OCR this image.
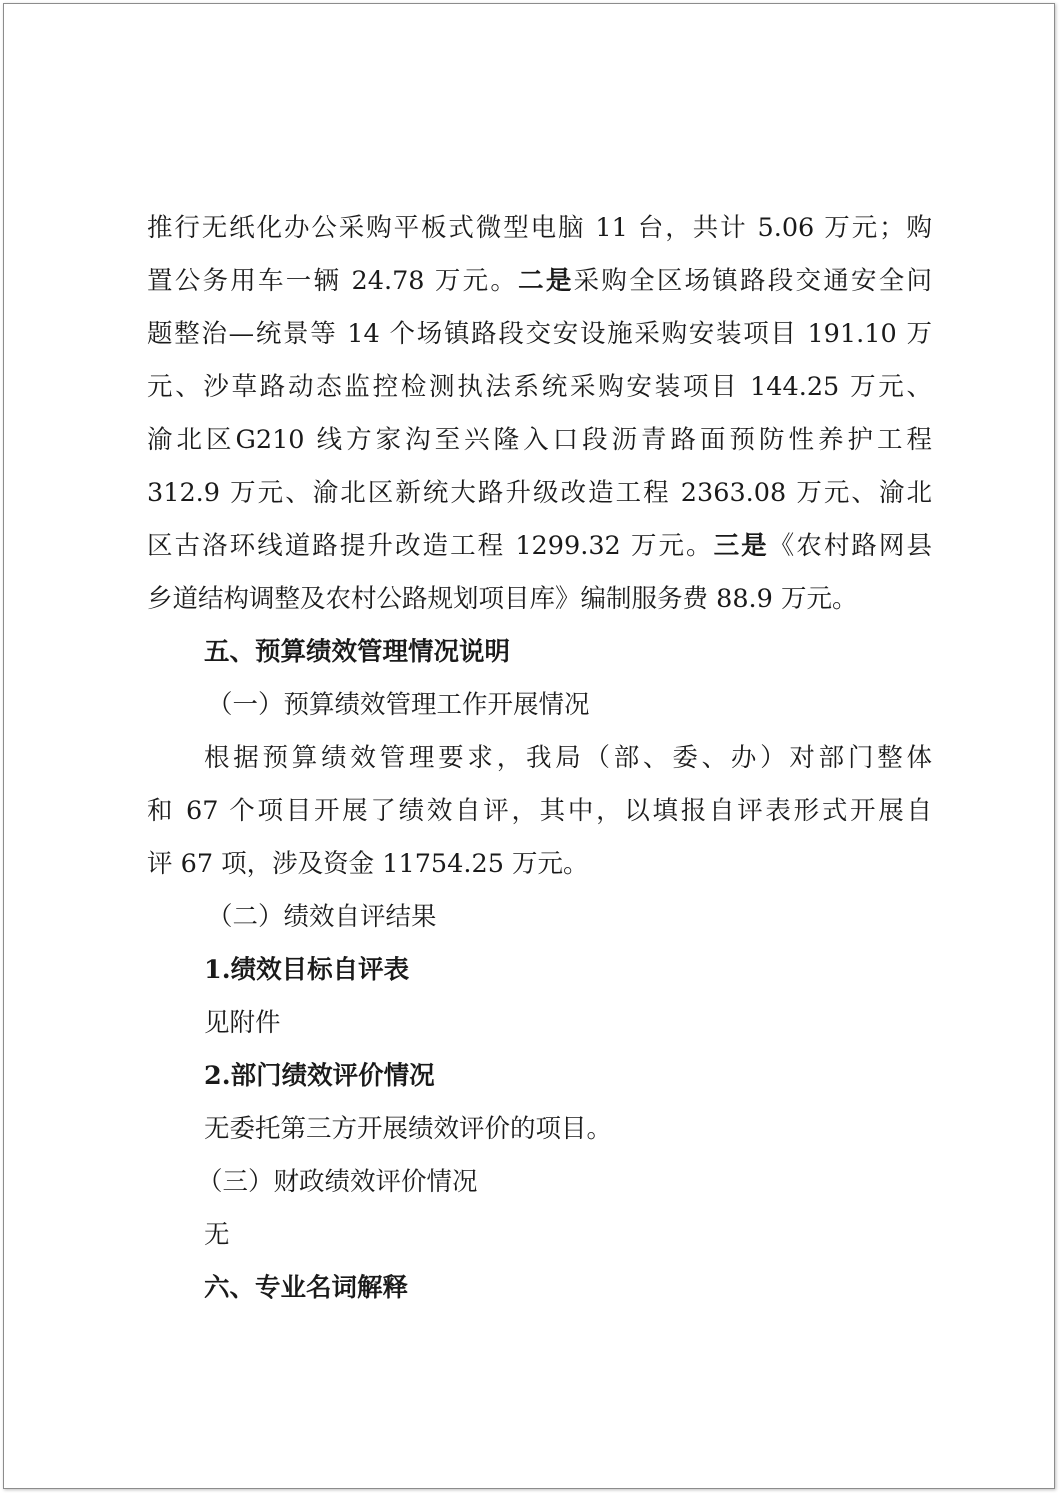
推行无纸化办公采购平板式微型电脑 11 台，共计 5.06 万元；购
置公务用车一辆 24.78 万元。二是采购全区场镇路段交通安全问
题整治—统景等 14 个场镇路段交安设施采购安装项目 191.10 万
元、沙草路动态监控检测执法系统采购安装项目 144.25 万元、
渝北区G210 线方家沟至兴隆入口段沥青路面预防性养护工程
312.9 万元、渝北区新统大路升级改造工程 2363.08 万元、渝北
区古洛环线道路提升改造工程 1299.32 万元。三是《农村路网县
乡道结构调整及农村公路规划项目库》编制服务费 88.9 万元。
五、预算绩效管理情况说明
（一）预算绩效管理工作开展情况
根据预算绩效管理要求，我局（部、委、办）对部门整体
和 67 个项目开展了绩效自评，其中，以填报自评表形式开展自
评 67 项，涉及资金 11754.25 万元。
（二）绩效自评结果
1.绩效目标自评表
见附件
2.部门绩效评价情况
无委托第三方开展绩效评价的项目。
（三）财政绩效评价情况
无
六、专业名词解释
